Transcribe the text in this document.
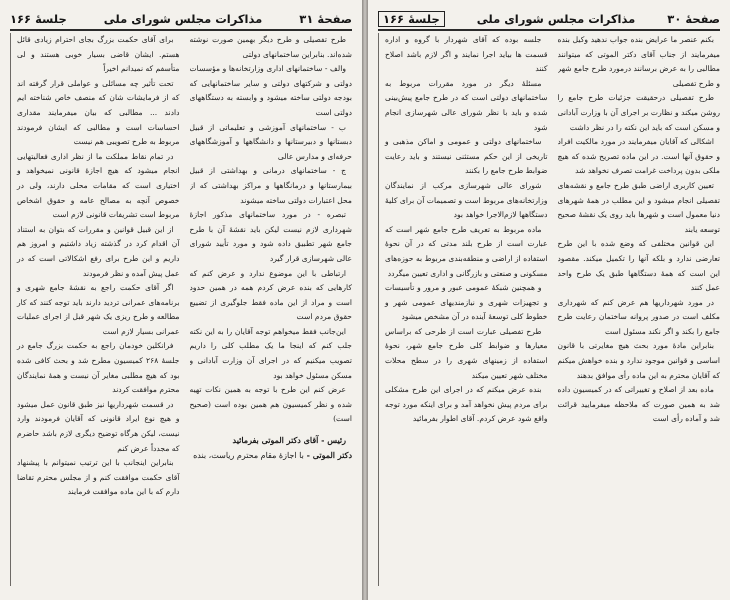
صفحهٔ ۳۱
مذاکرات مجلس شورای ملی
جلسهٔ ۱۶۶

طرح تفصیلی و طرح دیگر بهمین صورت نوشته شده‌اند. بنابراین ساختمانهای دولتی

والف - ساختمانهای اداری وزارتخانه‌ها و مؤسسات دولتی و شرکتهای دولتی و سایر ساختمانهایی که بودجه دولتی ساخته میشود و وابسته به دستگاههای دولتی است

ب - ساختمانهای آموزشی و تعلیماتی از قبیل دبستانها و دبیرستانها و دانشگاهها و آموزشگاههای حرفه‌ای و مدارس عالی

ج - ساختمانهای درمانی و بهداشتی از قبیل بیمارستانها و درمانگاهها و مراکز بهداشتی که از محل اعتبارات دولتی ساخته میشوند

تبصره - در مورد ساختمانهای مذکور اجازهٔ شهرداری لازم نیست لیکن باید نقشهٔ آن با طرح جامع شهر تطبیق داده شود و مورد تأیید شورای عالی شهرسازی قرار گیرد

ارتباطی با این موضوع ندارد و عرض کنم که کارهایی که بنده عرض کردم همه در همین حدود است و مراد از این ماده فقط جلوگیری از تضییع حقوق مردم است

این‌جانب فقط میخواهم توجه آقایان را به این نکته جلب کنم که اینجا ما یک مطلب کلی را داریم تصویب میکنیم که در اجرای آن وزارت آبادانی و مسکن مسئول خواهد بود

عرض کنم این طرح با توجه به همین نکات تهیه شده و نظر کمیسیون هم همین بوده است (صحیح است)

رئیس - آقای دکتر الموتی بفرمائید
دکتر الموتی - با اجازهٔ مقام محترم ریاست، بنده

برای آقای حکمت بزرگ بجای احترام زیادی قائل هستم. ایشان قاضی بسیار خوبی هستند و لی متأسفم که نمیدانم اخیراً

تحت تأثیر چه مسائلی و عواملی قرار گرفته اند که از فرمایشات شان که منصف خاص شناخته ایم دادند ... مطالبی که بیان میفرمایند مقداری احساسات است و مطالبی که ایشان فرمودند مربوط به طرح تصویبی هم نیست

در تمام نقاط مملکت ما از نظر اداری فعالیتهایی انجام میشود که هیچ اجازهٔ قانونی نمیخواهد و اختیاری است که مقامات محلی دارند، ولی در خصوص آنچه به مصالح عامه و حقوق اشخاص مربوط است تشریفات قانونی لازم است

از این قبیل قوانین و مقررات که بتوان به استناد آن اقدام کرد در گذشته زیاد داشتیم و امروز هم داریم و این طرح برای رفع اشکالاتی است که در عمل پیش آمده و نظر فرمودند

اگر آقای حکمت راجع به نقشهٔ جامع شهری و برنامه‌های عمرانی تردید دارند باید توجه کنند که کار مطالعه و طرح ریزی یک شهر قبل از اجرای عملیات عمرانی بسیار لازم است

فرانکلین خودمان راجع به حکمت بزرگ جامع در جلسهٔ ۲۶۸ کمیسیون مطرح شد و بحث کافی شده بود که هیچ مطلبی مغایر آن نیست و همهٔ نمایندگان محترم موافقت کردند

در قسمت شهرداریها نیز طبق قانون عمل میشود و هیچ نوع ایراد قانونی که آقایان فرمودند وارد نیست، لیکن هرگاه توضیح دیگری لازم باشد حاضرم که مجدداً عرض کنم

بنابراین اینجانب با این ترتیب نمیتوانم با پیشنهاد آقای حکمت موافقت کنم و از مجلس محترم تقاضا دارم که با این ماده موافقت فرمایند

صفحهٔ ۳۰
مذاکرات مجلس شورای ملی
جلسهٔ ۱۶۶

بکنم عنصر ما عرایض بنده جواب ندهید وکیل بنده میفرمایند از جناب آقای دکتر الموتی که میتوانند مطالبی را به عرض برسانند درمورد طرح جامع شهر و طرح تفصیلی

طرح تفصیلی درحقیقت جزئیات طرح جامع را روشن میکند و نظارت بر اجرای آن با وزارت آبادانی و مسکن است که باید این نکته را در نظر داشت

اشکالی که آقایان میفرمایند در مورد مالکیت افراد و حقوق آنها است. در این ماده تصریح شده که هیچ ملکی بدون پرداخت غرامت تصرف نخواهد شد

تعیین کاربری اراضی طبق طرح جامع و نقشه‌های تفصیلی انجام میشود و این مطلب در همهٔ شهرهای دنیا معمول است و شهرها باید روی یک نقشهٔ صحیح توسعه یابند

این قوانین مختلفی که وضع شده با این طرح تعارضی ندارد و بلکه آنها را تکمیل میکند. مقصود این است که همهٔ دستگاهها طبق یک طرح واحد عمل کنند

در مورد شهرداریها هم عرض کنم که شهرداری مکلف است در صدور پروانه ساختمان رعایت طرح جامع را بکند و اگر نکند مسئول است

بنابراین مادهٔ مورد بحث هیچ مغایرتی با قانون اساسی و قوانین موجود ندارد و بنده خواهش میکنم که آقایان محترم به این ماده رأی موافق بدهند

ماده بعد از اصلاح و تغییراتی که در کمیسیون داده شد به همین صورت که ملاحظه میفرمایید قرائت شد و آماده رأی است

جلسه بوده که آقای شهردار با گروه و اداره قسمت ها بیاید اجرا نمایند و اگر لازم باشد اصلاح کنند

مسئلهٔ دیگر در مورد مقررات مربوط به ساختمانهای دولتی است که در طرح جامع پیش‌بینی شده و باید با نظر شورای عالی شهرسازی انجام شود

ساختمانهای دولتی و عمومی و اماکن مذهبی و تاریخی از این حکم مستثنی نیستند و باید رعایت ضوابط طرح جامع را بکنند

شورای عالی شهرسازی مرکب از نمایندگان وزارتخانه‌های مربوط است و تصمیمات آن برای کلیهٔ دستگاهها لازم‌الاجرا خواهد بود

ماده مربوط به تعریف طرح جامع شهر است که عبارت است از طرح بلند مدتی که در آن نحوهٔ استفاده از اراضی و منطقه‌بندی مربوط به حوزه‌های مسکونی و صنعتی و بازرگانی و اداری تعیین میگردد

و همچنین شبکهٔ عمومی عبور و مرور و تأسیسات و تجهیزات شهری و نیازمندیهای عمومی شهر و خطوط کلی توسعهٔ آینده در آن مشخص میشود

طرح تفصیلی عبارت است از طرحی که براساس معیارها و ضوابط کلی طرح جامع شهر، نحوهٔ استفاده از زمینهای شهری را در سطح محلات مختلف شهر تعیین میکند

بنده عرض میکنم که در اجرای این طرح مشکلی برای مردم پیش نخواهد آمد و برای اینکه مورد توجه واقع شود عرض کردم. آقای اطوار بفرمائید
